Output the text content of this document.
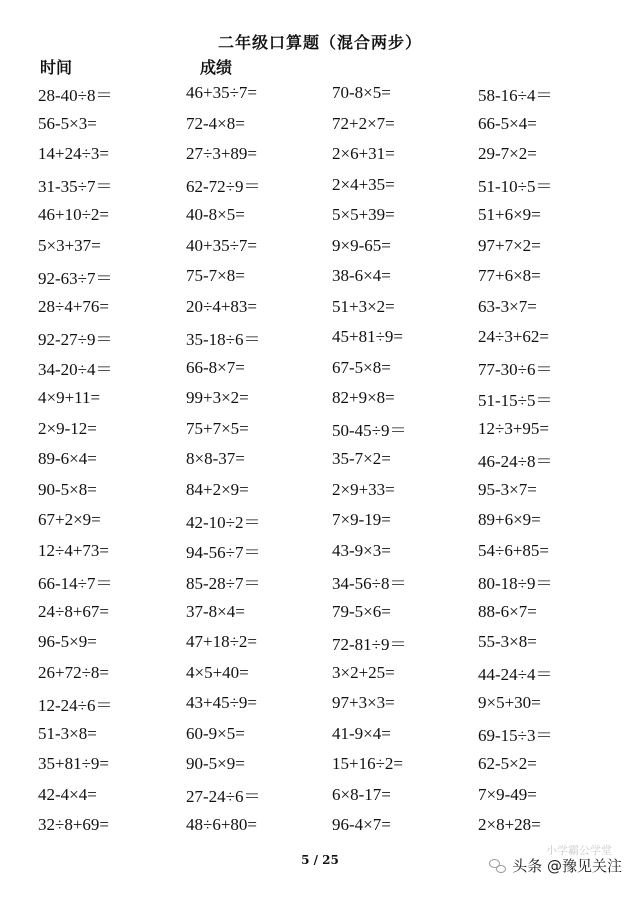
二年级口算题（混合两步）
时间	成绩
28-40÷8＝	46+35÷7=	70-8×5=	58-16÷4＝
56-5×3=	72-4×8=	72+2×7=	66-5×4=
14+24÷3=	27÷3+89=	2×6+31=	29-7×2=
31-35÷7＝	62-72÷9＝	2×4+35=	51-10÷5＝
46+10÷2=	40-8×5=	5×5+39=	51+6×9=
5×3+37=	40+35÷7=	9×9-65=	97+7×2=
92-63÷7＝	75-7×8=	38-6×4=	77+6×8=
28÷4+76=	20÷4+83=	51+3×2=	63-3×7=
92-27÷9＝	35-18÷6＝	45+81÷9=	24÷3+62=
34-20÷4＝	66-8×7=	67-5×8=	77-30÷6＝
4×9+11=	99+3×2=	82+9×8=	51-15÷5＝
2×9-12=	75+7×5=	50-45÷9＝	12÷3+95=
89-6×4=	8×8-37=	35-7×2=	46-24÷8＝
90-5×8=	84+2×9=	2×9+33=	95-3×7=
67+2×9=	42-10÷2＝	7×9-19=	89+6×9=
12÷4+73=	94-56÷7＝	43-9×3=	54÷6+85=
66-14÷7＝	85-28÷7＝	34-56÷8＝	80-18÷9＝
24÷8+67=	37-8×4=	79-5×6=	88-6×7=
96-5×9=	47+18÷2=	72-81÷9＝	55-3×8=
26+72÷8=	4×5+40=	3×2+25=	44-24÷4＝
12-24÷6＝	43+45÷9=	97+3×3=	9×5+30=
51-3×8=	60-9×5=	41-9×4=	69-15÷3＝
35+81÷9=	90-5×9=	15+16÷2=	62-5×2=
42-4×4=	27-24÷6＝	6×8-17=	7×9-49=
32÷8+69=	48÷6+80=	96-4×7=	2×8+28=
5 / 25
小学霸公学堂
头条 @豫见关注
